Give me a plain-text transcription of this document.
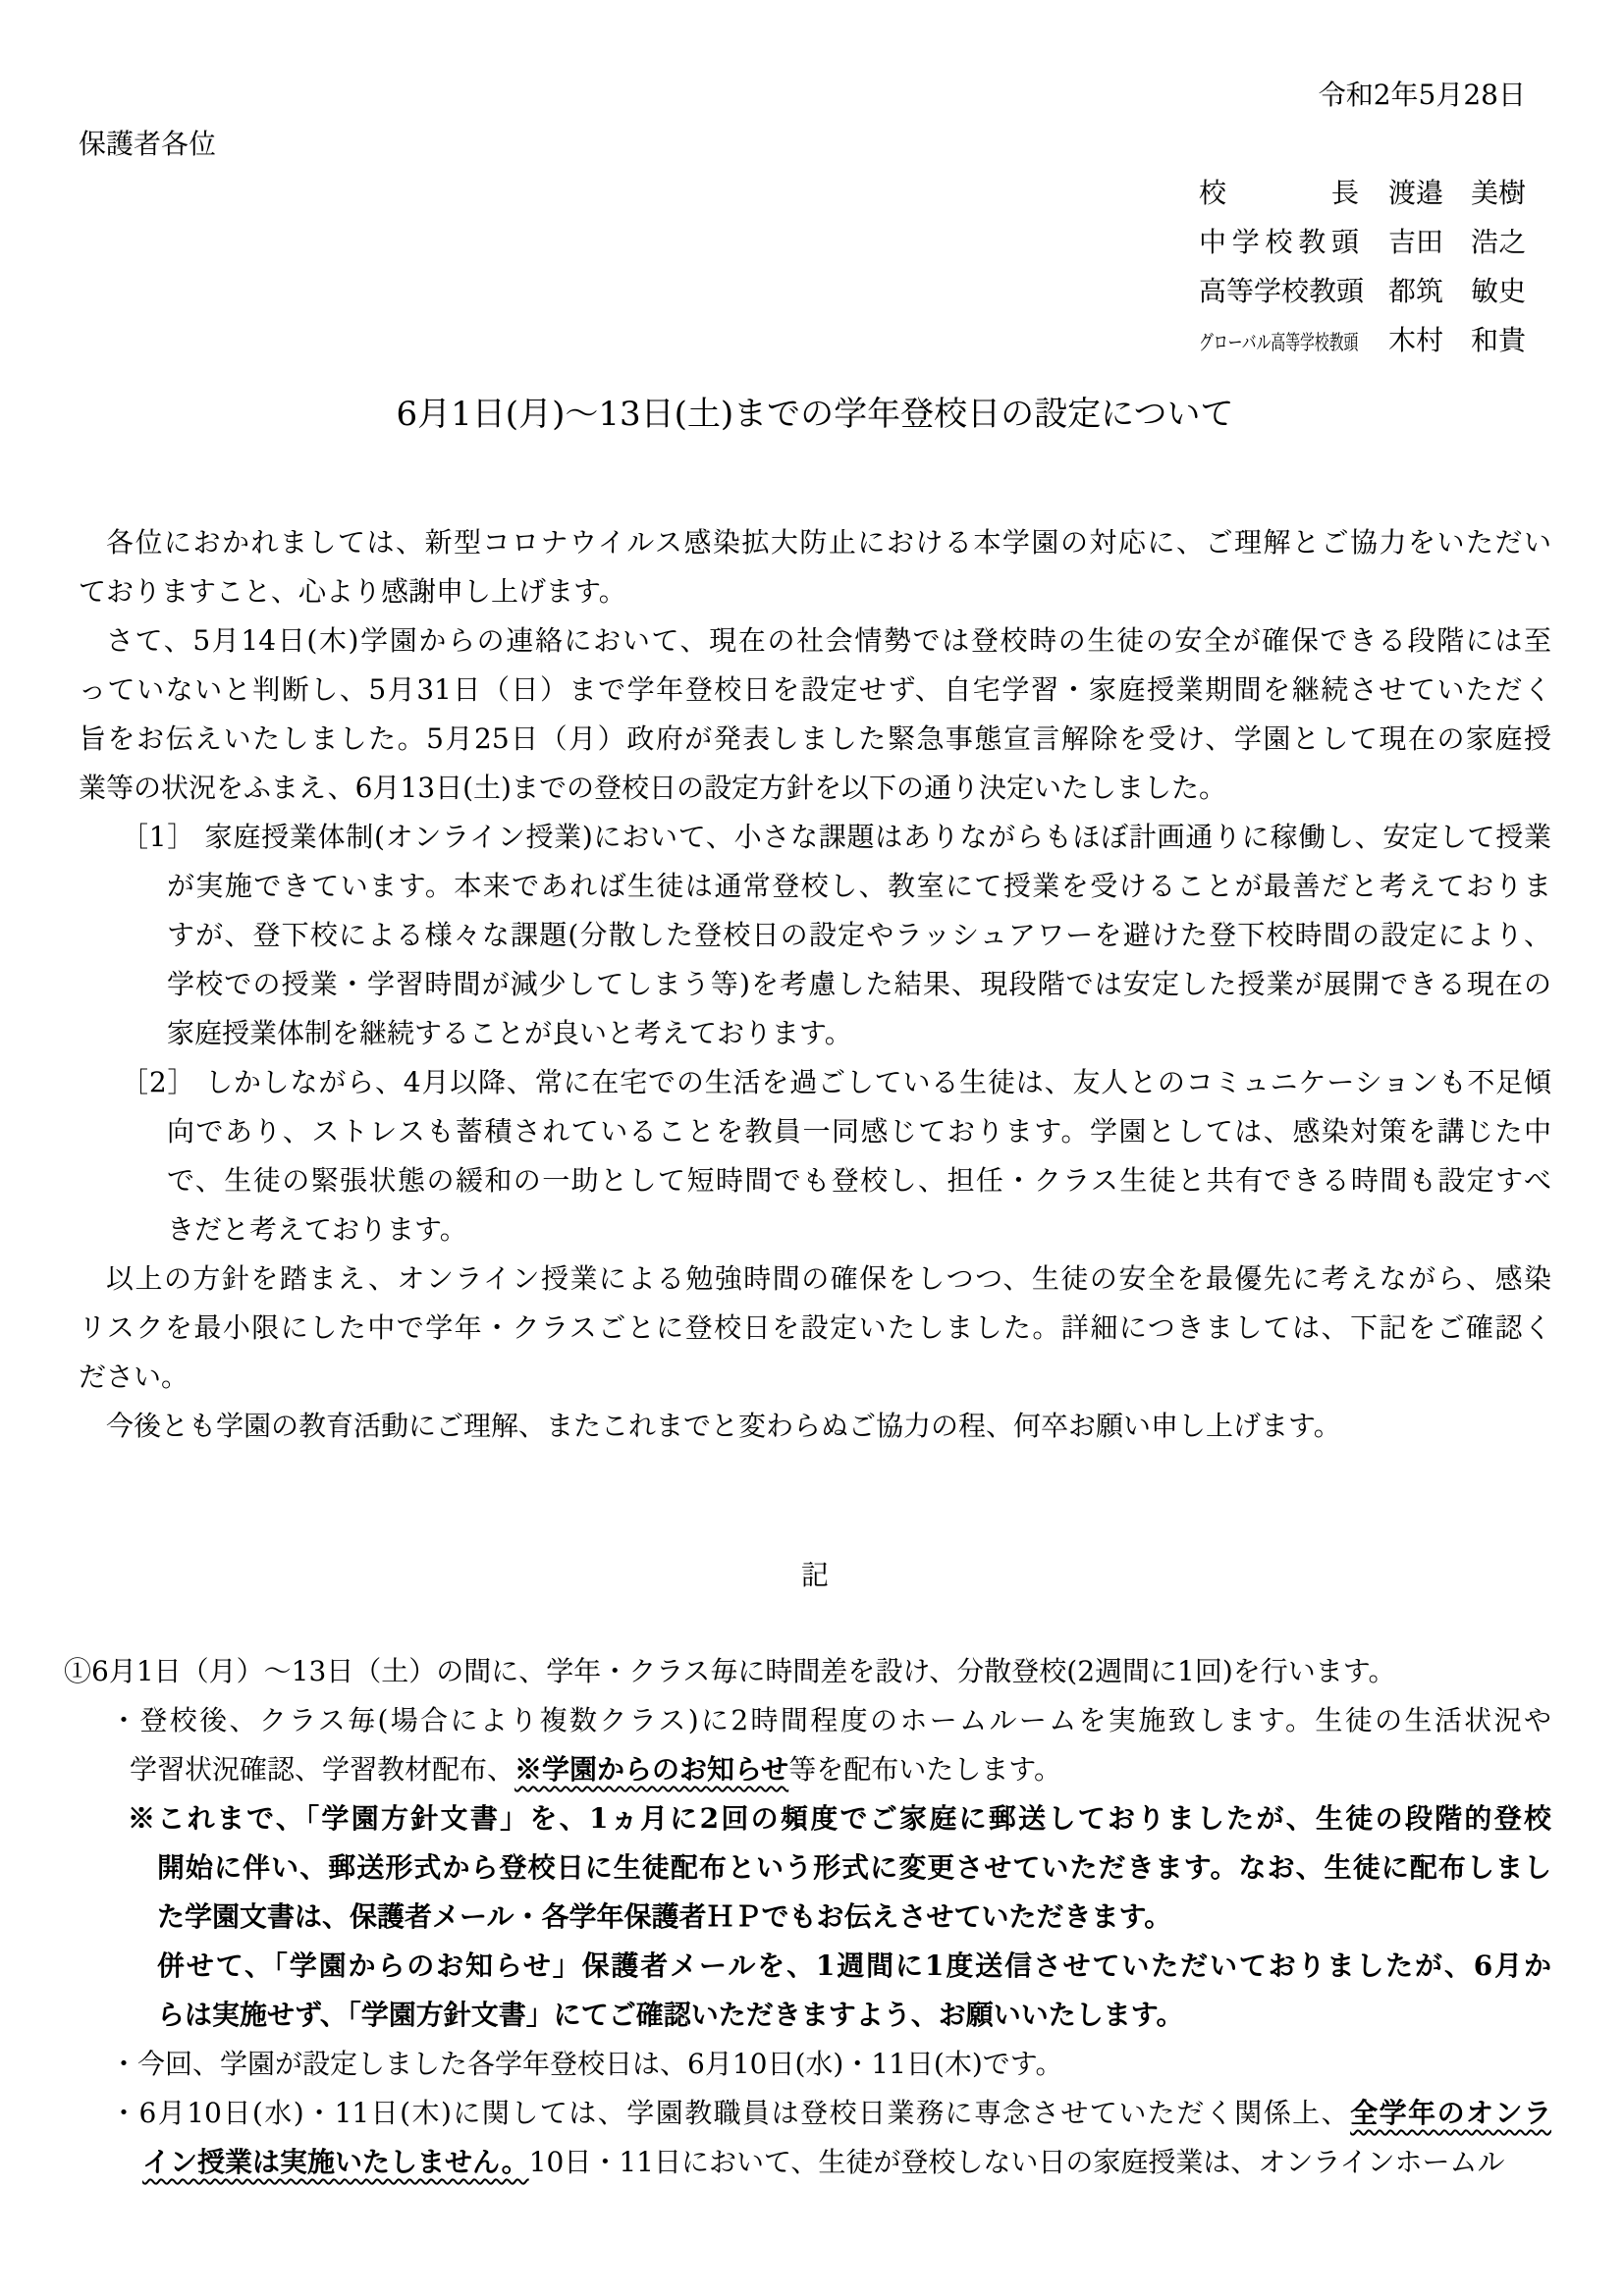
令和2年5月28日
保護者各位
校　　　長 渡邉　美樹
中学校教頭 吉田　浩之
高等学校教頭 都筑　敏史
グローバル高等学校教頭 木村　和貴
6月1日(月)～13日(土)までの学年登校日の設定について
各位におかれましては、新型コロナウイルス感染拡大防止における本学園の対応に、ご理解とご協力をいただい
ておりますこと、心より感謝申し上げます。
さて、5月14日(木)学園からの連絡において、現在の社会情勢では登校時の生徒の安全が確保できる段階には至
っていないと判断し、5月31日（日）まで学年登校日を設定せず、自宅学習・家庭授業期間を継続させていただく
旨をお伝えいたしました。5月25日（月）政府が発表しました緊急事態宣言解除を受け、学園として現在の家庭授
業等の状況をふまえ、6月13日(土)までの登校日の設定方針を以下の通り決定いたしました。
［1］ 家庭授業体制(オンライン授業)において、小さな課題はありながらもほぼ計画通りに稼働し、安定して授業
が実施できています。本来であれば生徒は通常登校し、教室にて授業を受けることが最善だと考えておりま
すが、登下校による様々な課題(分散した登校日の設定やラッシュアワーを避けた登下校時間の設定により、
学校での授業・学習時間が減少してしまう等)を考慮した結果、現段階では安定した授業が展開できる現在の
家庭授業体制を継続することが良いと考えております。
［2］ しかしながら、4月以降、常に在宅での生活を過ごしている生徒は、友人とのコミュニケーションも不足傾
向であり、ストレスも蓄積されていることを教員一同感じております。学園としては、感染対策を講じた中
で、生徒の緊張状態の緩和の一助として短時間でも登校し、担任・クラス生徒と共有できる時間も設定すべ
きだと考えております。
以上の方針を踏まえ、オンライン授業による勉強時間の確保をしつつ、生徒の安全を最優先に考えながら、感染
リスクを最小限にした中で学年・クラスごとに登校日を設定いたしました。詳細につきましては、下記をご確認く
ださい。
今後とも学園の教育活動にご理解、またこれまでと変わらぬご協力の程、何卒お願い申し上げます。
記
①6月1日（月）～13日（土）の間に、学年・クラス毎に時間差を設け、分散登校(2週間に1回)を行います。
・登校後、クラス毎(場合により複数クラス)に2時間程度のホームルームを実施致します。生徒の生活状況や
学習状況確認、学習教材配布、※学園からのお知らせ等を配布いたします。
※これまで、「学園方針文書」を、1ヵ月に2回の頻度でご家庭に郵送しておりましたが、生徒の段階的登校
開始に伴い、郵送形式から登校日に生徒配布という形式に変更させていただきます。なお、生徒に配布しまし
た学園文書は、保護者メール・各学年保護者ＨＰでもお伝えさせていただきます。
併せて、「学園からのお知らせ」保護者メールを、1週間に1度送信させていただいておりましたが、6月か
らは実施せず、「学園方針文書」にてご確認いただきますよう、お願いいたします。
・今回、学園が設定しました各学年登校日は、6月10日(水)・11日(木)です。
・6月10日(水)・11日(木)に関しては、学園教職員は登校日業務に専念させていただく関係上、全学年のオンラ
イン授業は実施いたしません。10日・11日において、生徒が登校しない日の家庭授業は、オンラインホームル
